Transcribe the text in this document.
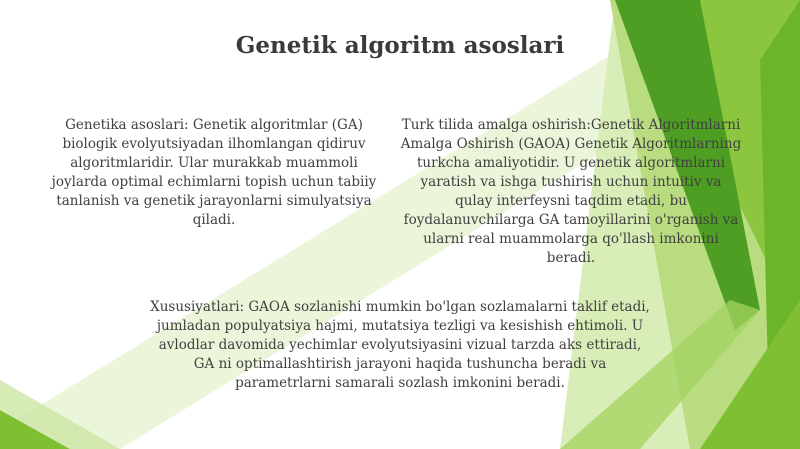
Genetik algoritm asoslari
Genetika asoslari: Genetik algoritmlar (GA) biologik evolyutsiyadan ilhomlangan qidiruv algoritmlaridir. Ular murakkab muammoli joylarda optimal echimlarni topish uchun tabiiy tanlanish va genetik jarayonlarni simulyatsiya qiladi.
Turk tilida amalga oshirish:Genetik Algoritmlarni Amalga Oshirish (GAOA) Genetik Algoritmlarning turkcha amaliyotidir. U genetik algoritmlarni yaratish va ishga tushirish uchun intuitiv va qulay interfeysni taqdim etadi, bu foydalanuvchilarga GA tamoyillarini o'rganish va ularni real muammolarga qo'llash imkonini beradi.
Xususiyatlari: GAOA sozlanishi mumkin bo'lgan sozlamalarni taklif etadi, jumladan populyatsiya hajmi, mutatsiya tezligi va kesishish ehtimoli. U avlodlar davomida yechimlar evolyutsiyasini vizual tarzda aks ettiradi, GA ni optimallashtirish jarayoni haqida tushuncha beradi va parametrlarni samarali sozlash imkonini beradi.
